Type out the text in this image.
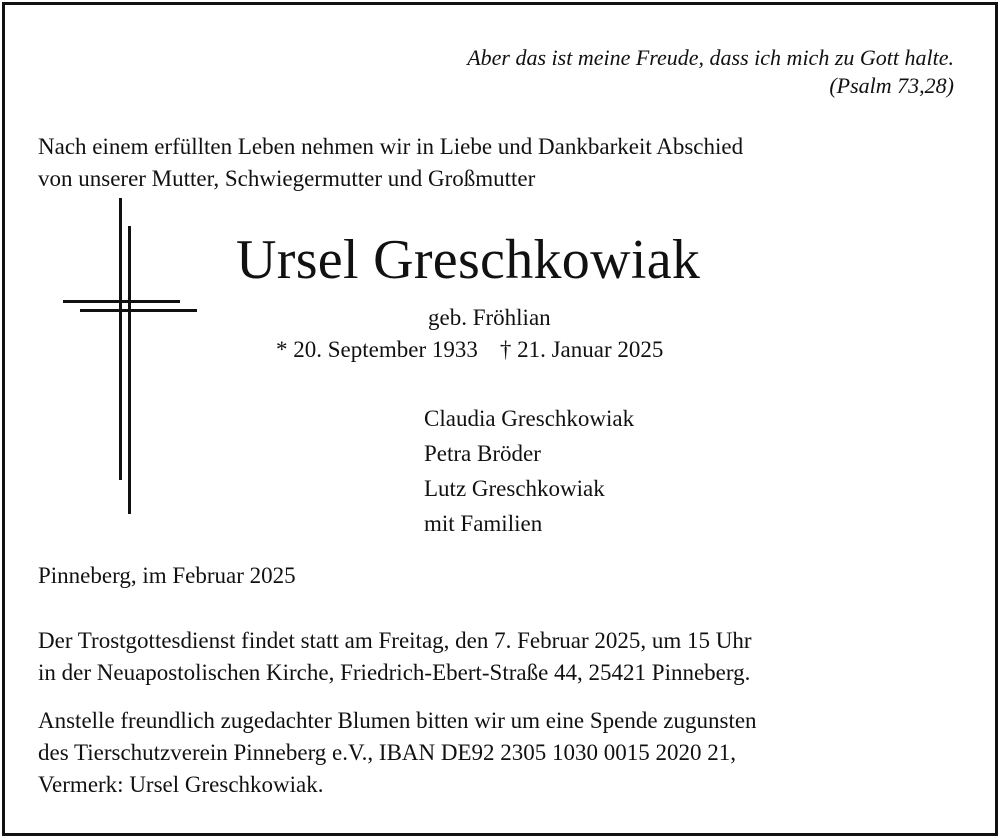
Aber das ist meine Freude, dass ich mich zu Gott halte.
(Psalm 73,28)
Nach einem erfüllten Leben nehmen wir in Liebe und Dankbarkeit Abschied
von unserer Mutter, Schwiegermutter und Großmutter
Ursel Greschkowiak
geb. Fröhlian
* 20. September 1933 † 21. Januar 2025
Claudia Greschkowiak
Petra Bröder
Lutz Greschkowiak
mit Familien
Pinneberg, im Februar 2025
Der Trostgottesdienst findet statt am Freitag, den 7. Februar 2025, um 15 Uhr
in der Neuapostolischen Kirche, Friedrich-Ebert-Straße 44, 25421 Pinneberg.
Anstelle freundlich zugedachter Blumen bitten wir um eine Spende zugunsten
des Tierschutzverein Pinneberg e.V., IBAN DE92 2305 1030 0015 2020 21,
Vermerk: Ursel Greschkowiak.
